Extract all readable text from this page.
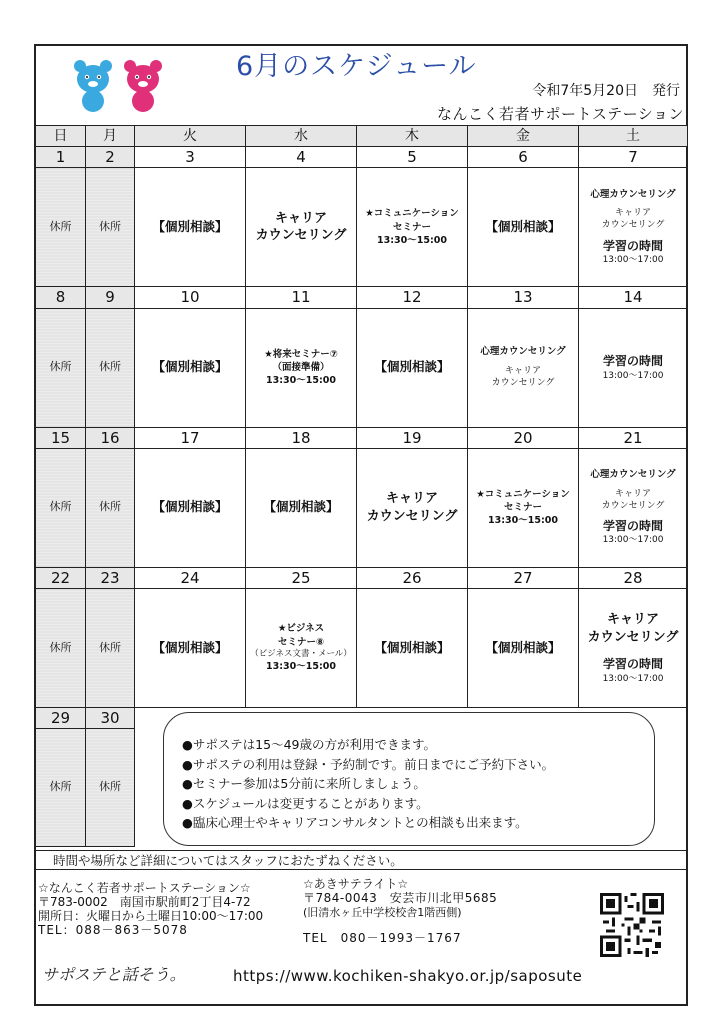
6月のスケジュール
令和7年5月20日　発行
なんこく若者サポートステーション
日	月	火	水	木	金	土
1	2	3	4	5	6	7

休所	休所	【個別相談】	キャリア
カウンセリング	★コミュニケーション
セミナー
13:30～15:00	【個別相談】	心理カウンセリング
キャリア
カウンセリング
学習の時間
13:00～17:00

8	9	10	11	12	13	14

休所	休所	【個別相談】	★将来セミナー⑦
（面接準備）
13:30～15:00	【個別相談】	心理カウンセリング
キャリア
カウンセリング	学習の時間
13:00～17:00

15	16	17	18	19	20	21

休所	休所	【個別相談】	【個別相談】	キャリア
カウンセリング	★コミュニケーション
セミナー
13:30～15:00	心理カウンセリング
キャリア
カウンセリング
学習の時間
13:00～17:00

22	23	24	25	26	27	28

休所	休所	【個別相談】	★ビジネス
セミナー⑧
（ビジネス文書・メール）
13:30～15:00	【個別相談】	【個別相談】	キャリア
カウンセリング
学習の時間
13:00～17:00

29	30					

休所	休所					

●サポステは15～49歳の方が利用できます。
●サポステの利用は登録・予約制です。前日までにご予約下さい。
●セミナー参加は5分前に来所しましょう。
●スケジュールは変更することがあります。
●臨床心理士やキャリアコンサルタントとの相談も出来ます。
時間や場所など詳細についてはスタッフにおたずねください。
☆なんこく若者サポートステーション☆
〒783-0002　南国市駅前町2丁目4-72
開所日：火曜日から土曜日10:00～17:00
TEL：088－863－5078
☆あきサテライト☆
〒784-0043　安芸市川北甲5685
(旧清水ヶ丘中学校校舎1階西側)
TEL　080－1993－1767
サポステと話そう。	https://www.kochiken-shakyo.or.jp/saposute
